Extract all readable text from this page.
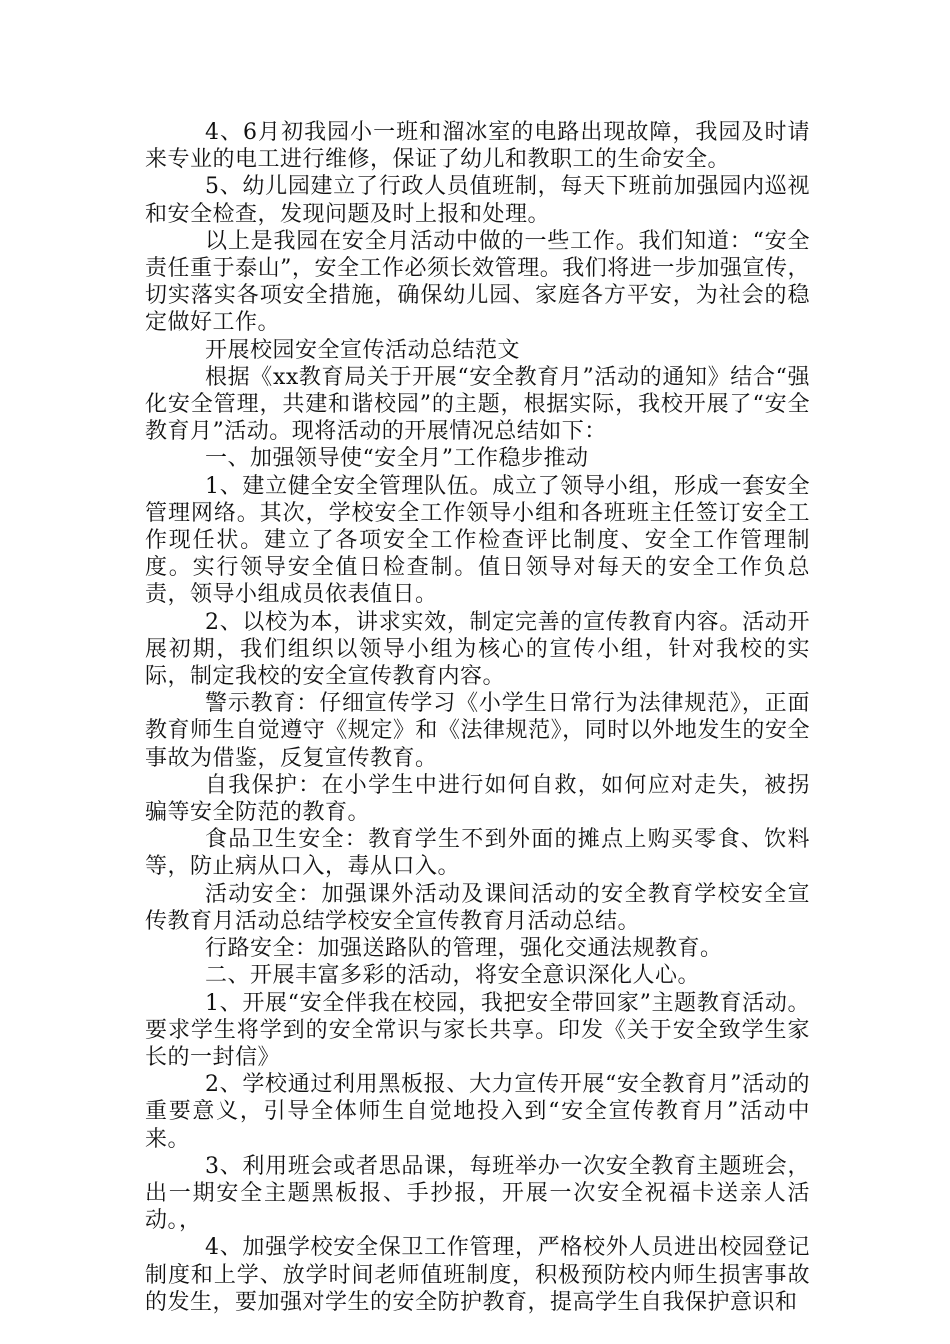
4、6月初我园小一班和溜冰室的电路出现故障，我园及时请来专业的电工进行维修，保证了幼儿和教职工的生命安全。

5、幼儿园建立了行政人员值班制，每天下班前加强园内巡视和安全检查，发现问题及时上报和处理。

以上是我园在安全月活动中做的一些工作。我们知道：“安全责任重于泰山”，安全工作必须长效管理。我们将进一步加强宣传，切实落实各项安全措施，确保幼儿园、家庭各方平安，为社会的稳定做好工作。

开展校园安全宣传活动总结范文

根据《xx教育局关于开展“安全教育月”活动的通知》结合“强化安全管理，共建和谐校园”的主题，根据实际，我校开展了“安全教育月”活动。现将活动的开展情况总结如下：

一、加强领导使“安全月”工作稳步推动

1、建立健全安全管理队伍。成立了领导小组，形成一套安全管理网络。其次，学校安全工作领导小组和各班班主任签订安全工作现任状。建立了各项安全工作检查评比制度、安全工作管理制度。实行领导安全值日检查制。值日领导对每天的安全工作负总责，领导小组成员依表值日。

2、以校为本，讲求实效，制定完善的宣传教育内容。活动开展初期，我们组织以领导小组为核心的宣传小组，针对我校的实际，制定我校的安全宣传教育内容。

警示教育：仔细宣传学习《小学生日常行为法律规范》，正面教育师生自觉遵守《规定》和《法律规范》，同时以外地发生的安全事故为借鉴，反复宣传教育。

自我保护：在小学生中进行如何自救，如何应对走失，被拐骗等安全防范的教育。

食品卫生安全：教育学生不到外面的摊点上购买零食、饮料等，防止病从口入，毒从口入。

活动安全：加强课外活动及课间活动的安全教育学校安全宣传教育月活动总结学校安全宣传教育月活动总结。

行路安全：加强送路队的管理，强化交通法规教育。

二、开展丰富多彩的活动，将安全意识深化人心。

1、开展“安全伴我在校园，我把安全带回家”主题教育活动。要求学生将学到的安全常识与家长共享。印发《关于安全致学生家长的一封信》

2、学校通过利用黑板报、大力宣传开展“安全教育月”活动的重要意义，引导全体师生自觉地投入到“安全宣传教育月”活动中来。

3、利用班会或者思品课，每班举办一次安全教育主题班会，出一期安全主题黑板报、手抄报，开展一次安全祝福卡送亲人活动。，

4、加强学校安全保卫工作管理，严格校外人员进出校园登记制度和上学、放学时间老师值班制度，积极预防校内师生损害事故的发生，要加强对学生的安全防护教育，提高学生自我保护意识和
